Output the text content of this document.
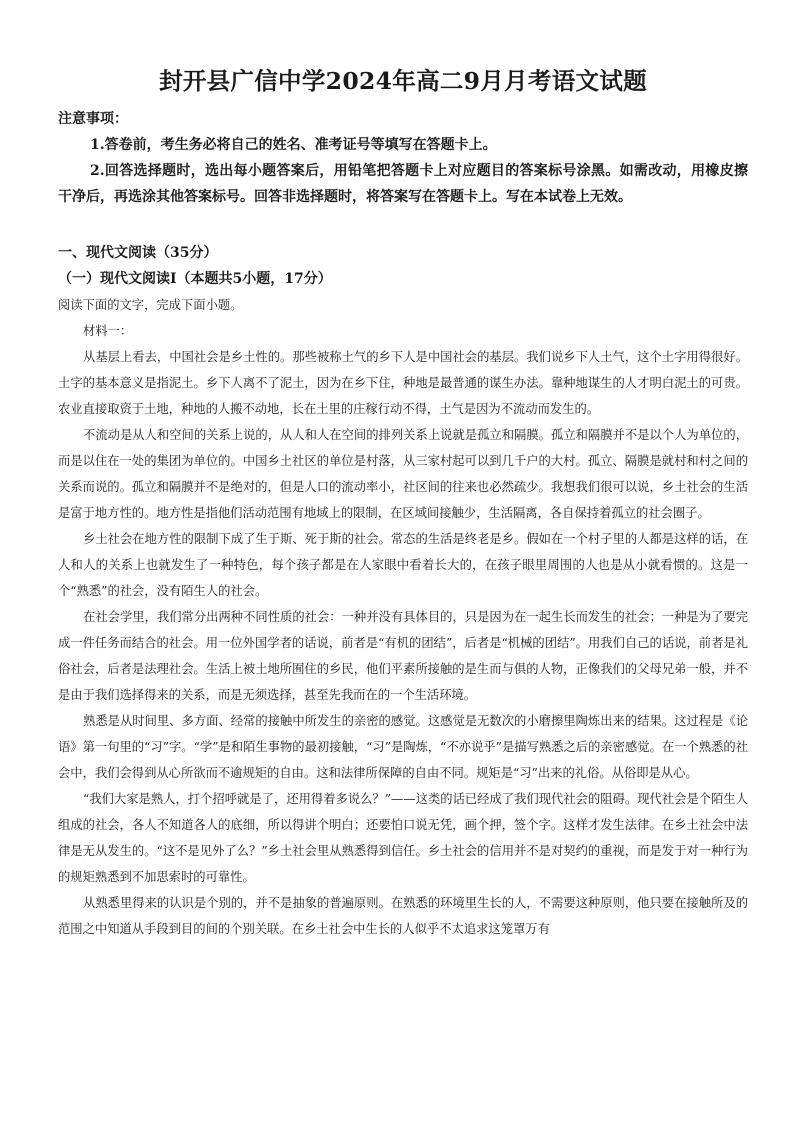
封开县广信中学2024年高二9月月考语文试题
注意事项：

1.答卷前，考生务必将自己的姓名、准考证号等填写在答题卡上。

2.回答选择题时，选出每小题答案后，用铅笔把答题卡上对应题目的答案标号涂黑。如需改动，用橡皮擦干净后，再选涂其他答案标号。回答非选择题时，将答案写在答题卡上。写在本试卷上无效。

一、现代文阅读（35分）
（一）现代文阅读Ⅰ（本题共5小题，17分）

阅读下面的文字，完成下面小题。

材料一：

从基层上看去，中国社会是乡土性的。那些被称土气的乡下人是中国社会的基层。我们说乡下人土气，这个土字用得很好。土字的基本意义是指泥土。乡下人离不了泥土，因为在乡下住，种地是最普通的谋生办法。靠种地谋生的人才明白泥土的可贵。农业直接取资于土地，种地的人搬不动地，长在土里的庄稼行动不得，土气是因为不流动而发生的。

不流动是从人和空间的关系上说的，从人和人在空间的排列关系上说就是孤立和隔膜。孤立和隔膜并不是以个人为单位的，而是以住在一处的集团为单位的。中国乡土社区的单位是村落，从三家村起可以到几千户的大村。孤立、隔膜是就村和村之间的关系而说的。孤立和隔膜并不是绝对的，但是人口的流动率小，社区间的往来也必然疏少。我想我们很可以说，乡土社会的生活是富于地方性的。地方性是指他们活动范围有地域上的限制，在区域间接触少，生活隔离，各自保持着孤立的社会圈子。

乡土社会在地方性的限制下成了生于斯、死于斯的社会。常态的生活是终老是乡。假如在一个村子里的人都是这样的话，在人和人的关系上也就发生了一种特色，每个孩子都是在人家眼中看着长大的，在孩子眼里周围的人也是从小就看惯的。这是一个“熟悉”的社会，没有陌生人的社会。

在社会学里，我们常分出两种不同性质的社会：一种并没有具体目的，只是因为在一起生长而发生的社会；一种是为了要完成一件任务而结合的社会。用一位外国学者的话说，前者是“有机的团结”，后者是“机械的团结”。用我们自己的话说，前者是礼俗社会，后者是法理社会。生活上被土地所囿住的乡民，他们平素所接触的是生而与俱的人物，正像我们的父母兄弟一般，并不是由于我们选择得来的关系，而是无须选择，甚至先我而在的一个生活环境。

熟悉是从时间里、多方面、经常的接触中所发生的亲密的感觉。这感觉是无数次的小磨擦里陶炼出来的结果。这过程是《论语》第一句里的“习”字。“学”是和陌生事物的最初接触，“习”是陶炼，“不亦说乎”是描写熟悉之后的亲密感觉。在一个熟悉的社会中，我们会得到从心所欲而不逾规矩的自由。这和法律所保障的自由不同。规矩是“习”出来的礼俗。从俗即是从心。

“我们大家是熟人，打个招呼就是了，还用得着多说么？”——这类的话已经成了我们现代社会的阻碍。现代社会是个陌生人组成的社会，各人不知道各人的底细，所以得讲个明白；还要怕口说无凭，画个押，签个字。这样才发生法律。在乡土社会中法律是无从发生的。“这不是见外了么？”乡土社会里从熟悉得到信任。乡土社会的信用并不是对契约的重视，而是发于对一种行为的规矩熟悉到不加思索时的可靠性。

从熟悉里得来的认识是个别的，并不是抽象的普遍原则。在熟悉的环境里生长的人，不需要这种原则，他只要在接触所及的范围之中知道从手段到目的间的个别关联。在乡土社会中生长的人似乎不太追求这笼罩万有
